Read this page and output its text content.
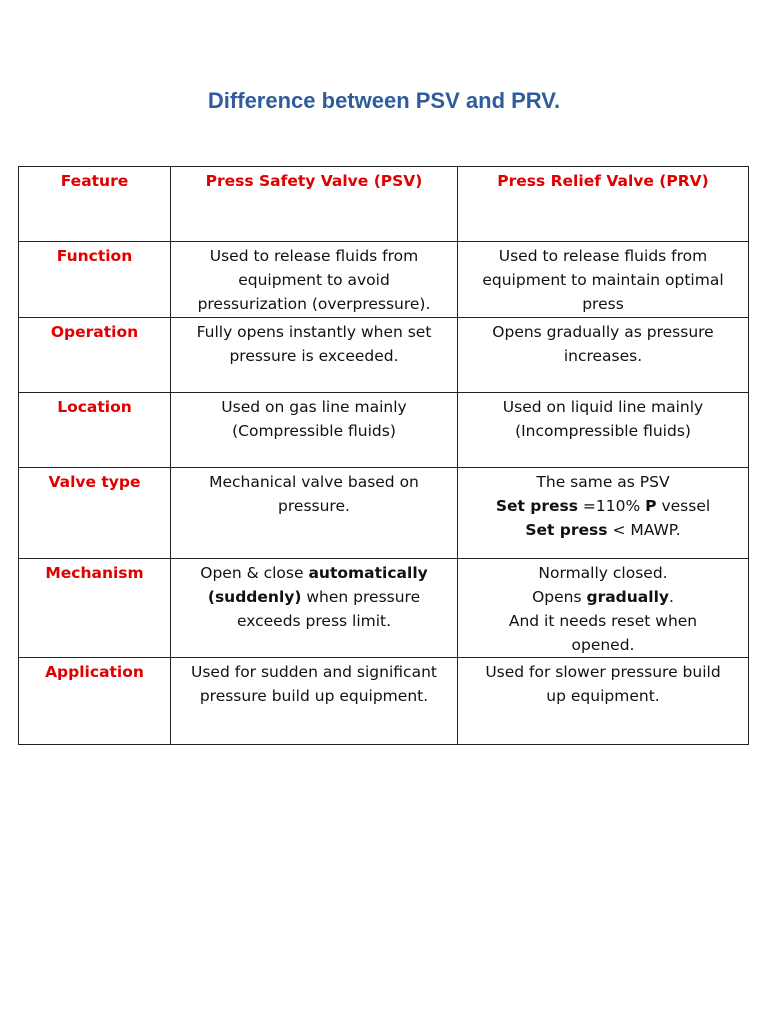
Difference between PSV and PRV.
Feature	Press Safety Valve (PSV)	Press Relief Valve (PRV)
Function	Used to release fluids from
equipment to avoid
pressurization (overpressure).	Used to release fluids from
equipment to maintain optimal
press

Operation	Fully opens instantly when set
pressure is exceeded.	Opens gradually as pressure
increases.

Location	Used on gas line mainly
(Compressible fluids)	Used on liquid line mainly
(Incompressible fluids)

Valve type	Mechanical valve based on
pressure.	The same as PSV
Set press =110% P vessel
Set press < MAWP.

Mechanism	Open & close automatically
(suddenly) when pressure
exceeds press limit.	Normally closed.
Opens gradually.
And it needs reset when
opened.

Application	Used for sudden and significant
pressure build up equipment.	Used for slower pressure build
up equipment.
